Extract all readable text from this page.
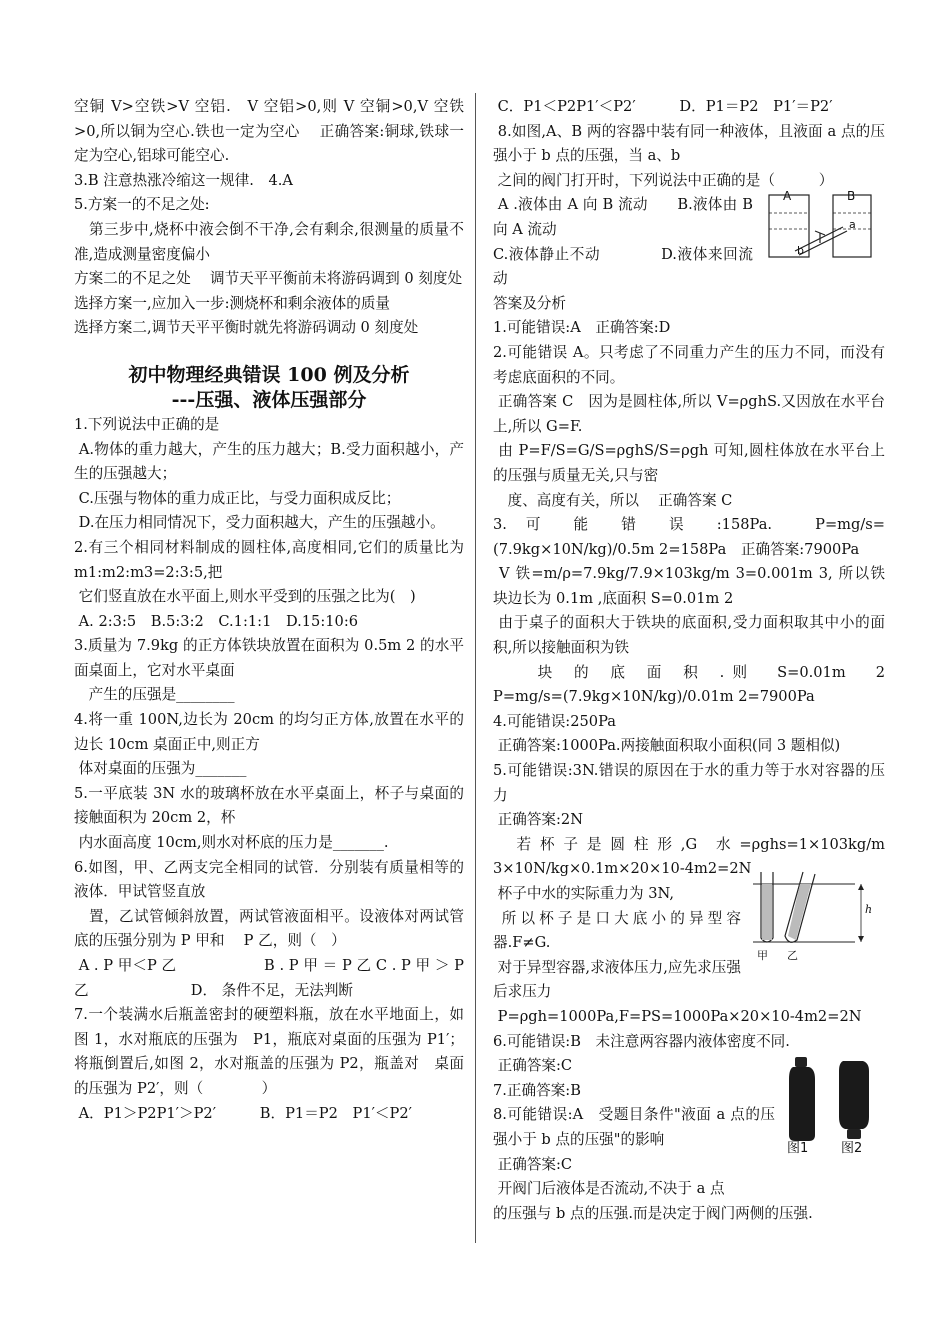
空铜 V>空铁>V 空铝.　V 空铝>0,则 V 空铜>0,V 空铁>0,所以铜为空心.铁也一定为空心　 正确答案:铜球,铁球一定为空心,铝球可能空心.

3.B 注意热涨冷缩这一规律.　4.A

5.方案一的不足之处:

　第三步中,烧杯中液会倒不干净,会有剩余,很测量的质量不准,造成测量密度偏小

方案二的不足之处　 调节天平平衡前未将游码调到 0 刻度处

选择方案一,应加入一步:测烧杯和剩余液体的质量

选择方案二,调节天平平衡时就先将游码调动 0 刻度处

初中物理经典错误 100 例及分析

---压强、液体压强部分

1.下列说法中正确的是

A.物体的重力越大，产生的压力越大；B.受力面积越小，产生的压强越大；

C.压强与物体的重力成正比，与受力面积成反比；

D.在压力相同情况下，受力面积越大，产生的压强越小。

2.有三个相同材料制成的圆柱体,高度相同,它们的质量比为 m1:m2:m3=2:3:5,把

它们竖直放在水平面上,则水平受到的压强之比为(　)

A. 2:3:5　B.5:3:2　C.1:1:1　D.15:10:6

3.质量为 7.9kg 的正方体铁块放置在面积为 0.5m 2 的水平面桌面上，它对水平桌面

　产生的压强是________

4.将一重 100N,边长为 20cm 的均匀正方体,放置在水平的边长 10cm 桌面正中,则正方

体对桌面的压强为_______

5.一平底装 3N 水的玻璃杯放在水平桌面上，杯子与桌面的接触面积为 20cm 2，杯

内水面高度 10cm,则水对杯底的压力是_______.

6.如图，甲、乙两支完全相同的试管．分别装有质量相等的液体．甲试管竖直放

　置，乙试管倾斜放置，两试管液面相平。设液体对两试管底的压强分别为 P 甲和　 P 乙，则（　）

A . P 甲＜P 乙　　　　　　B . P 甲 ＝ P 乙 C . P 甲 ＞ P 乙　　　　　　　D． 条件不足，无法判断

7.一个装满水后瓶盖密封的硬塑料瓶，放在水平地面上，如图 1，水对瓶底的压强为　P1，瓶底对桌面的压强为 P1′；将瓶倒置后,如图 2，水对瓶盖的压强为 P2，瓶盖对　桌面的压强为 P2′，则（　　　　）

A．P1＞P2P1′＞P2′　　　B．P1＝P2　P1′＜P2′

C．P1＜P2P1′＜P2′　　　D．P1＝P2　P1′＝P2′

8.如图,A、B 两的容器中装有同一种液体，且液面 a 点的压强小于 b 点的压强，当 a、b

之间的阀门打开时，下列说法中正确的是（　　　）

A .液体由 A 向 B 流动　　B.液体由 B 向 A 流动

C.液体静止不动　　　　D.液体来回流动

A	B
a
b

答案及分析

1.可能错误:A　正确答案:D

2.可能错误 A。只考虑了不同重力产生的压力不同，而没有考虑底面积的不同。

正确答案 C　因为是圆柱体,所以 V=ρghS.又因放在水平台上,所以 G=F.

由 P=F/S=G/S=ρghS/S=ρgh 可知,圆柱体放在水平台上的压强与质量无关,只与密

　度、高度有关，所以　 正确答案 C

3. 可 能 错 误 :158Pa.　P=mg/s=(7.9kg×10N/kg)/0.5m 2=158Pa　正确答案:7900Pa

V 铁=m/ρ=7.9kg/7.9×103kg/m 3=0.001m 3, 所以铁块边长为 0.1m ,底面积 S=0.01m 2

由于桌子的面积大于铁块的底面积,受力面积取其中小的面积,所以接触面积为铁

　　 块　的　底　面　积　. 则　 S=0.01m　 2 P=mg/s=(7.9kg×10N/kg)/0.01m 2=7900Pa

4.可能错误:250Pa

正确答案:1000Pa.两接触面积取小面积(同 3 题相似)

5.可能错误:3N.错误的原因在于水的重力等于水对容器的压力

正确答案:2N

　 若 杯 子 是 圆 柱 形 ,G　水 =ρghs=1×103kg/m 3×10N/kg×0.1m×20×10-4m2=2N

杯子中水的实际重力为 3N,

所以杯子是口大底小的异型容器.F≠G.

对于异型容器,求液体压力,应先求压强后求压力

h
甲 乙

P=ρgh=1000Pa,F=PS=1000Pa×20×10-4m2=2N

6.可能错误:B　未注意两容器内液体密度不同.

正确答案:C

7.正确答案:B

8.可能错误:A　受题目条件"液面 a 点的压强小于 b 点的压强"的影响

正确答案:C

开阀门后液体是否流动,不决于 a 点

图1	图2

的压强与 b 点的压强.而是决定于阀门两侧的压强.
